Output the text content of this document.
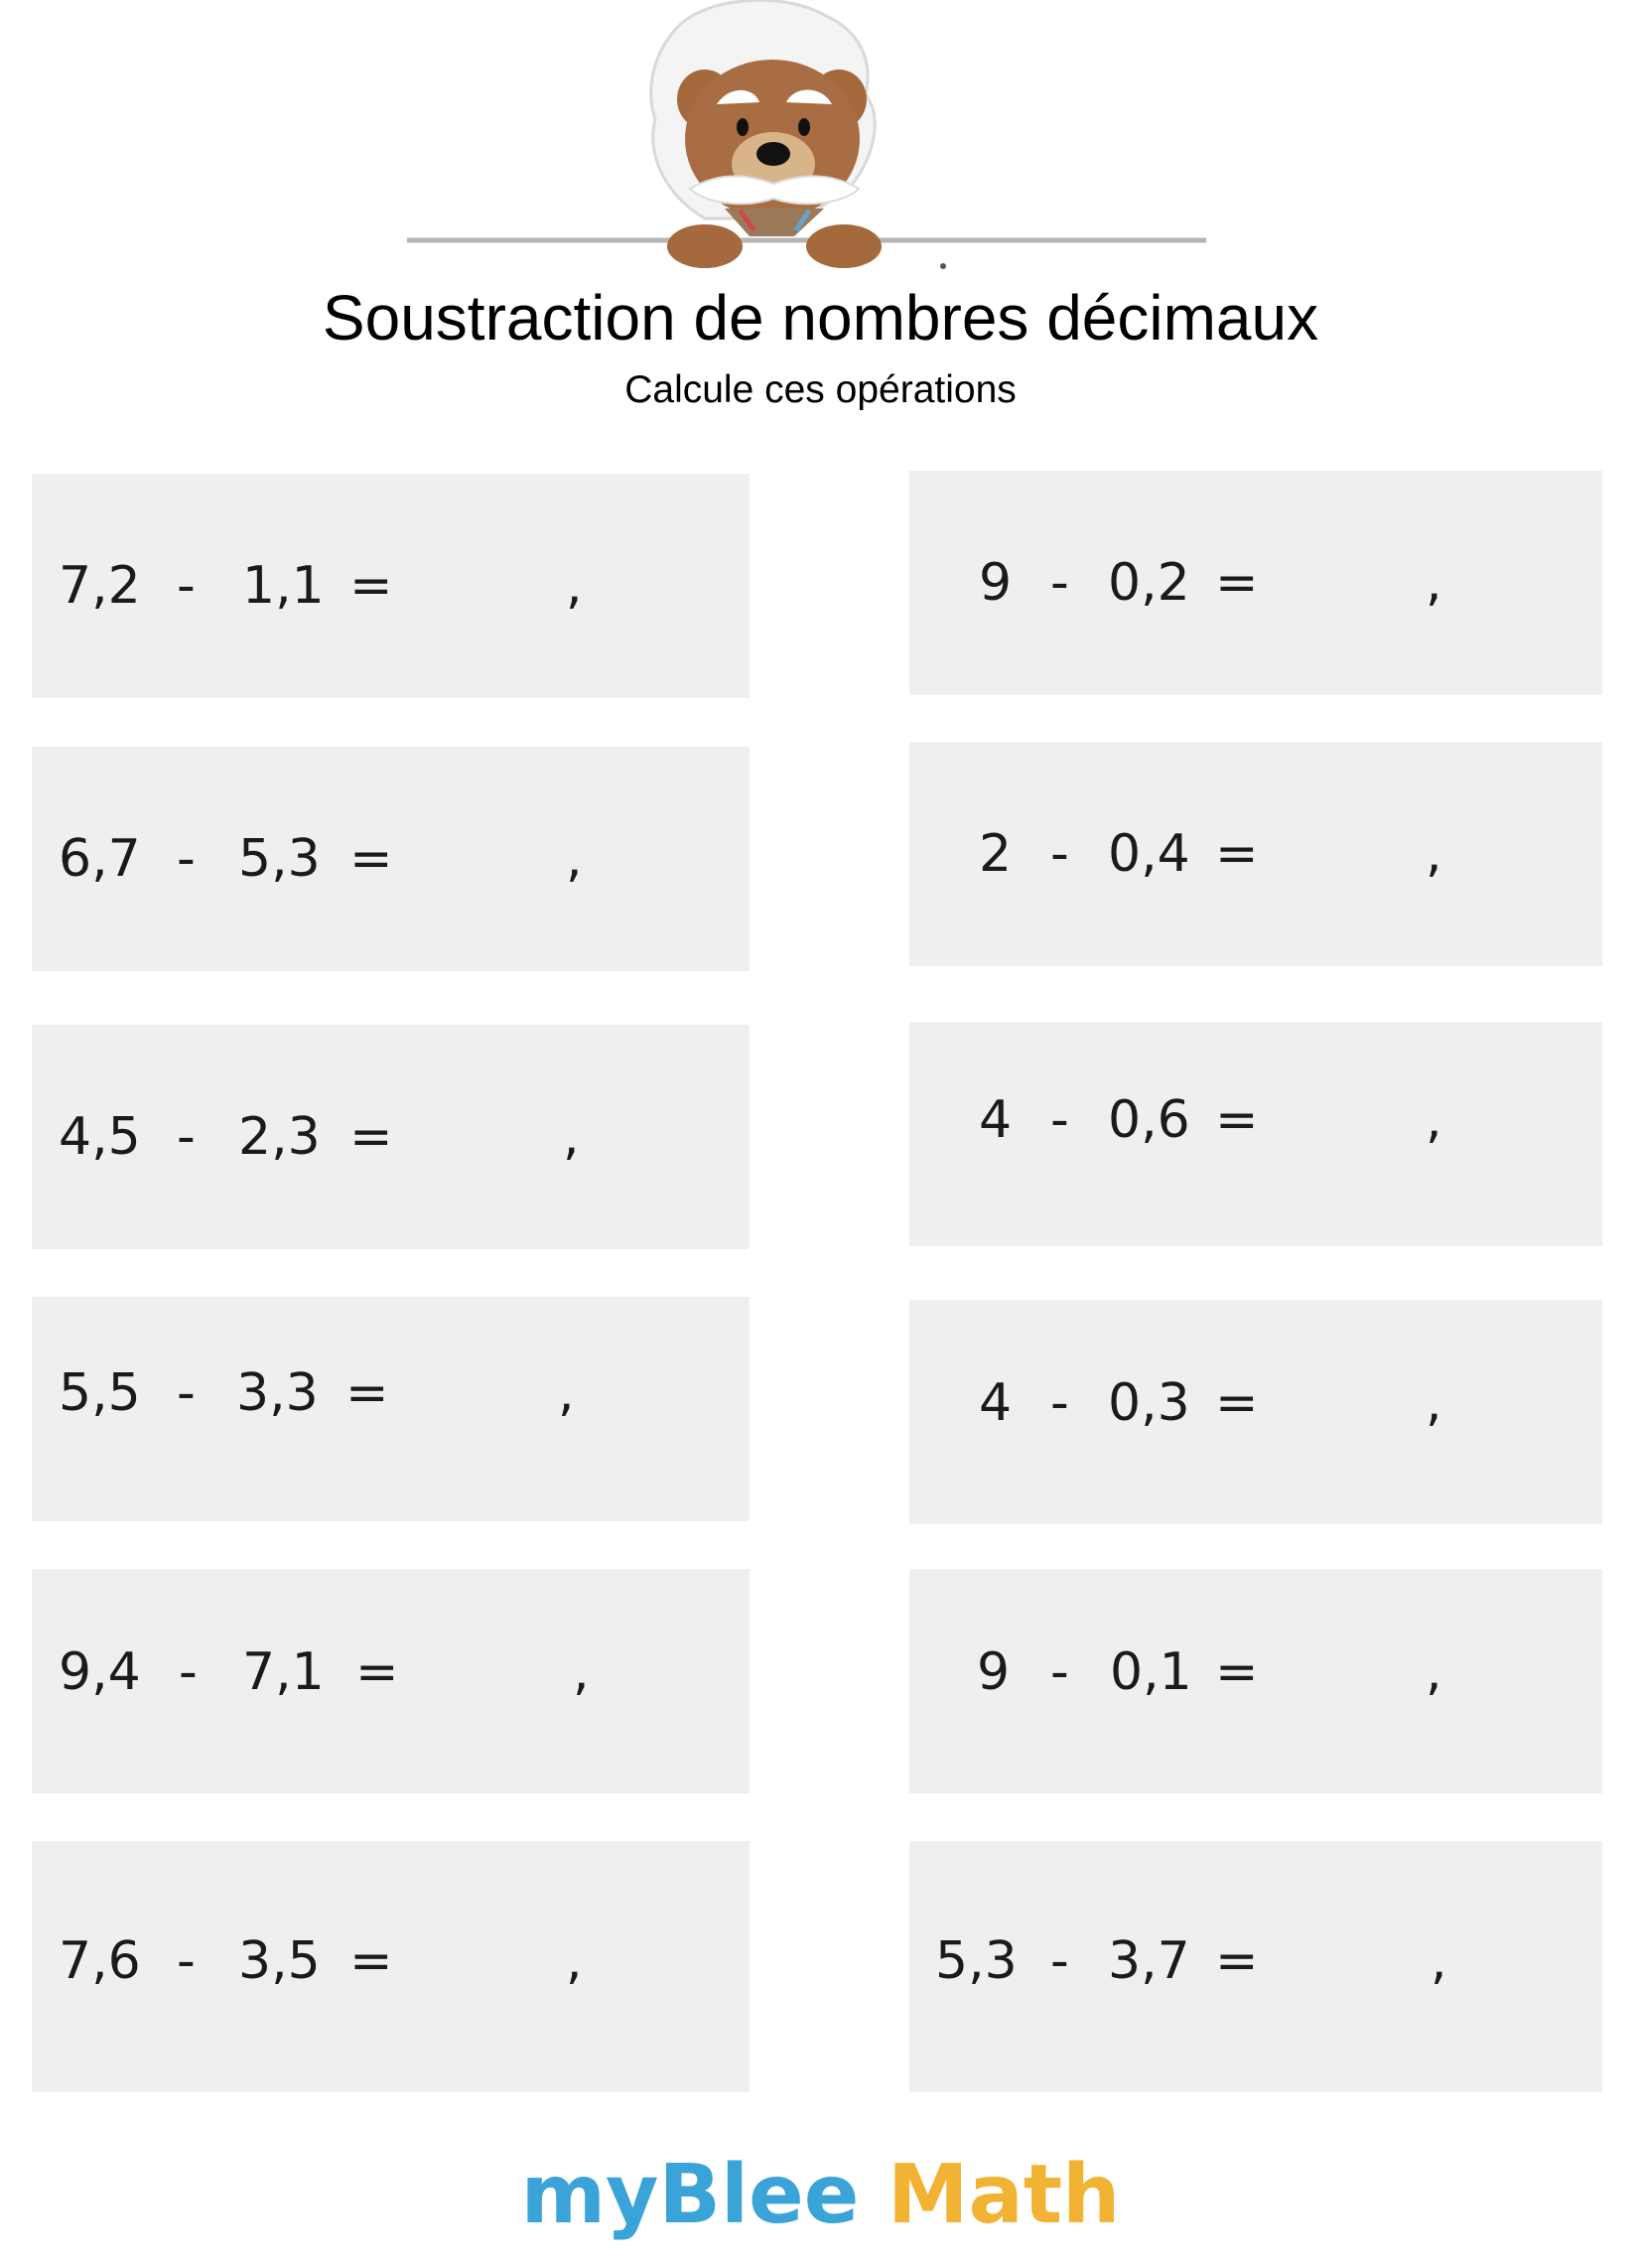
Soustraction de nombres décimaux
Calcule ces opérations
7,2 - 1,1 =	,
6,7 - 5,3 =	,
4,5 - 2,3 =	,
5,5 - 3,3 =	,
9,4 - 7,1 =	,
7,6 - 3,5 =	,
9 - 0,2 =	,
2 - 0,4 =	,
4 - 0,6 =	,
4 - 0,3 =	,
9 - 0,1 =	,
5,3 - 3,7 =	,
myBlee Math
